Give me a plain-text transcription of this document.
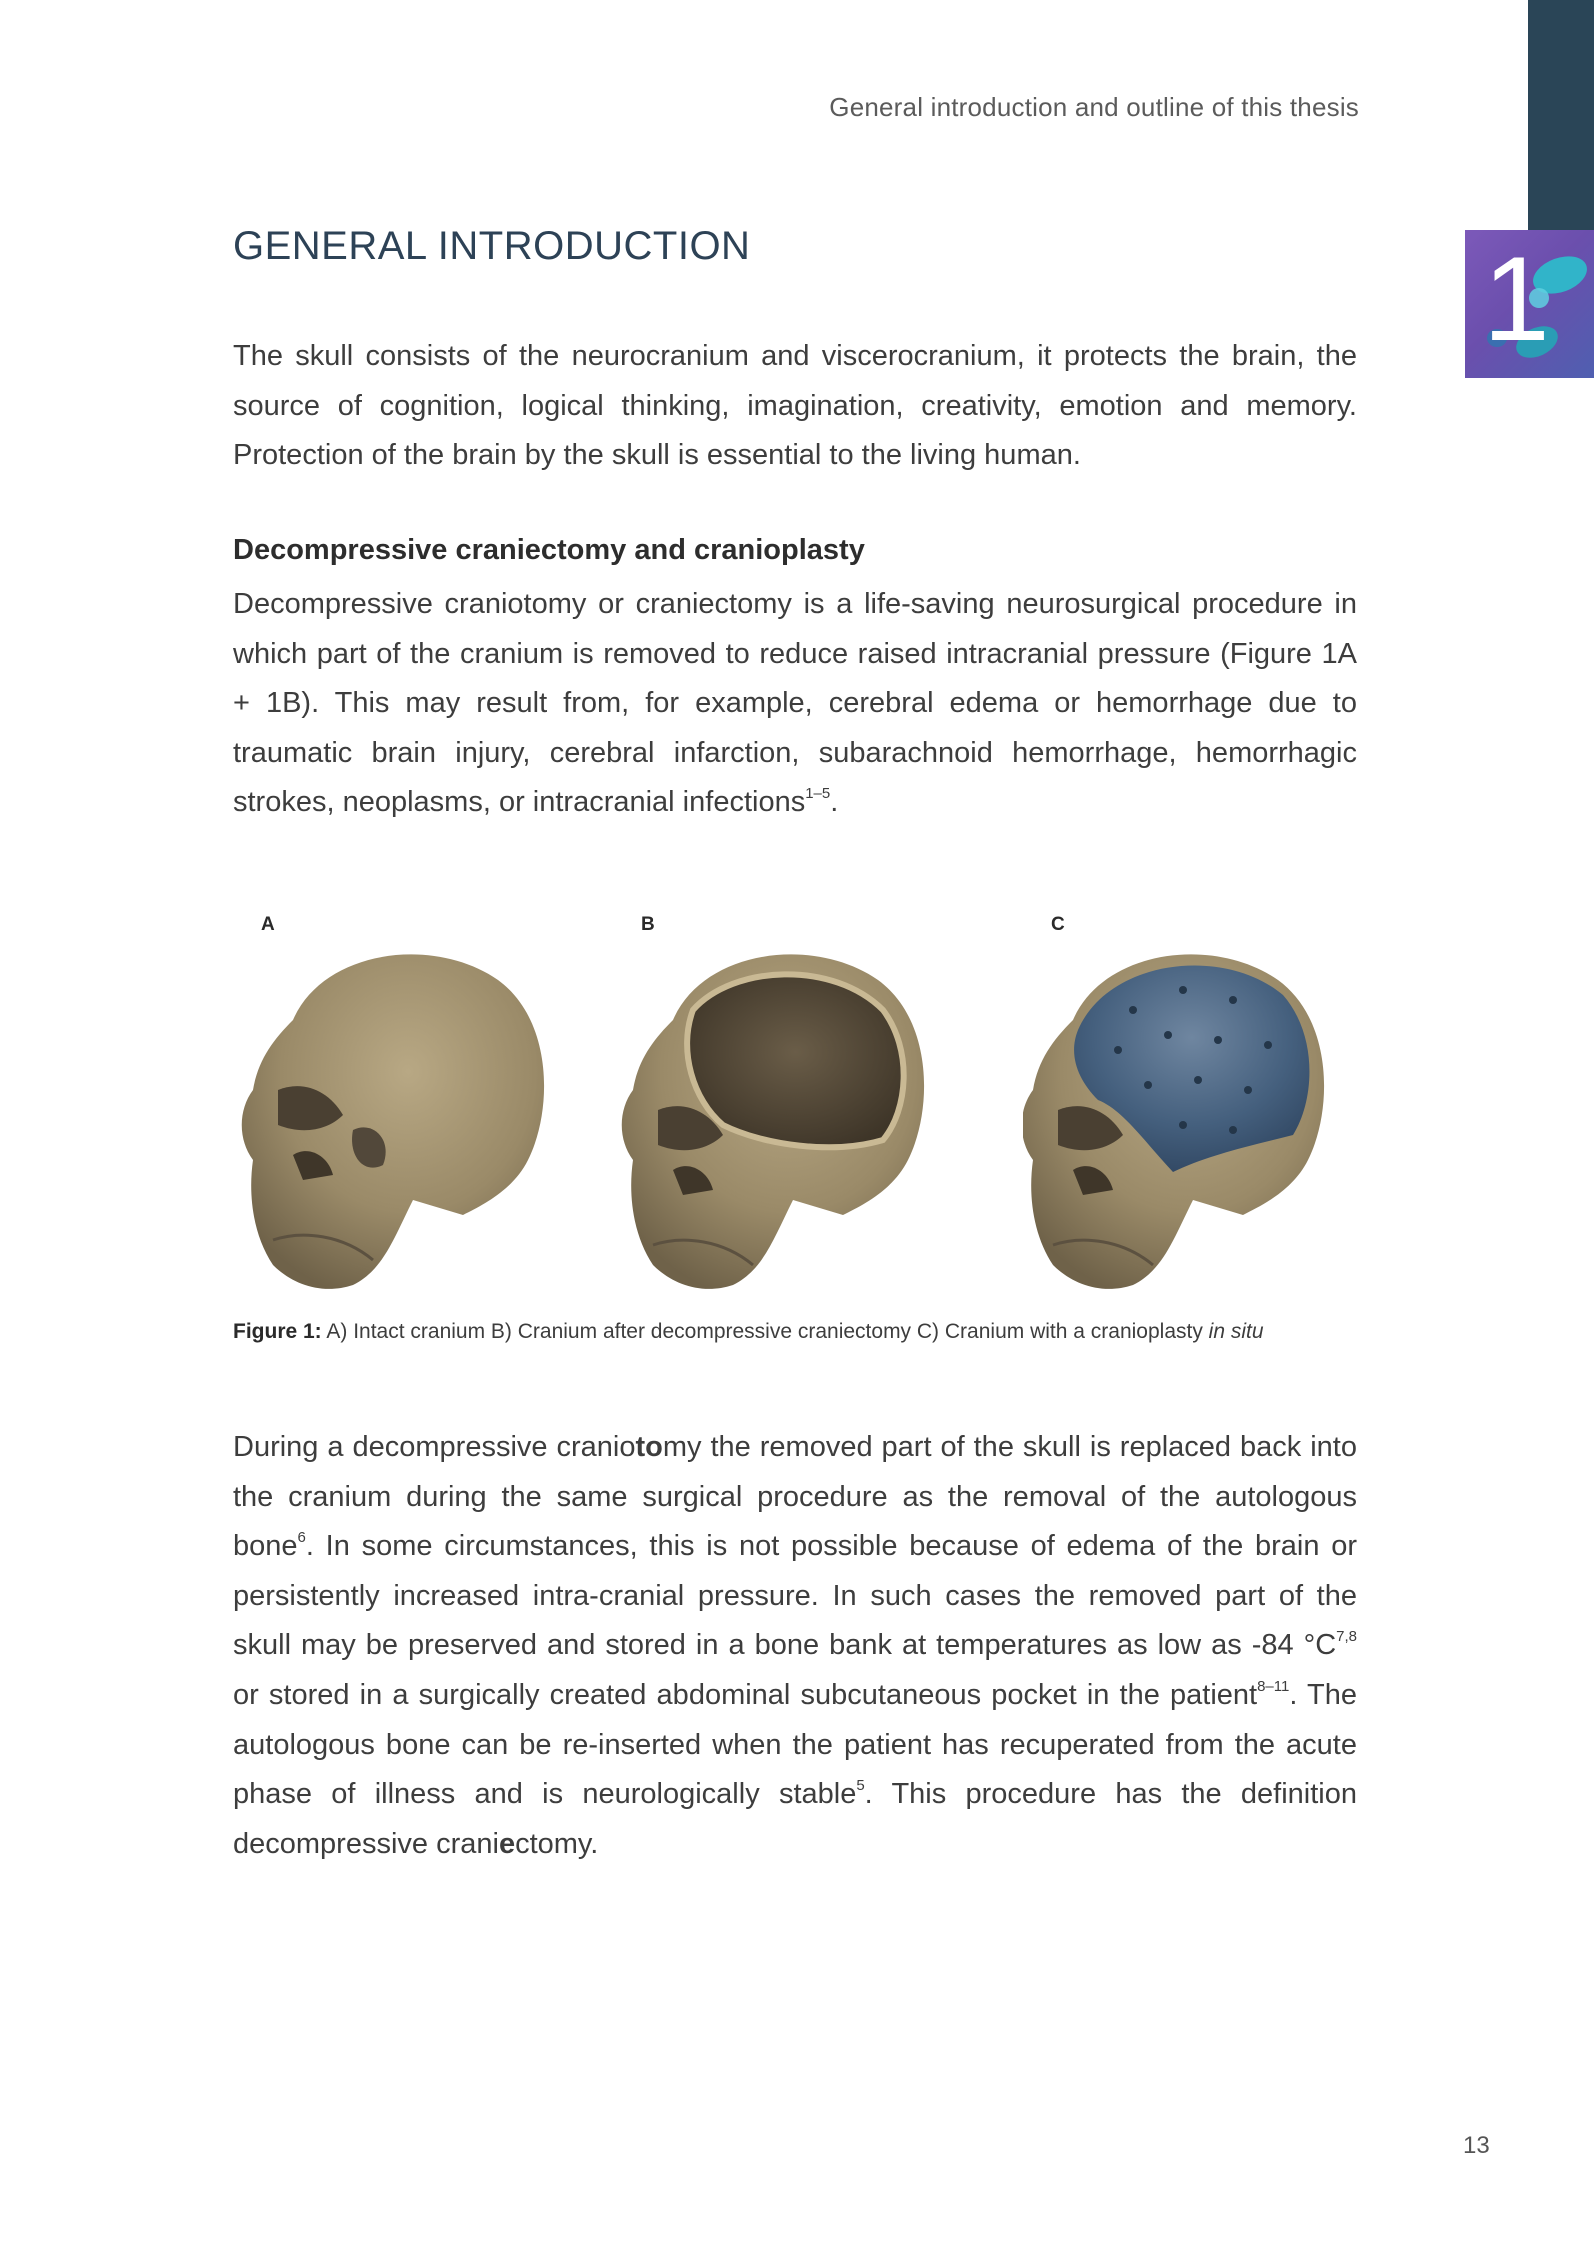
1
General introduction and outline of this thesis
GENERAL INTRODUCTION

The skull consists of the neurocranium and viscerocranium, it protects the brain, the source of cognition, logical thinking, imagination, creativity, emotion and memory. Protection of the brain by the skull is essential to the living human.

Decompressive craniectomy and cranioplasty

Decompressive craniotomy or craniectomy is a life-saving neurosurgical procedure in which part of the cranium is removed to reduce raised intracranial pressure (Figure 1A + 1B). This may result from, for example, cerebral edema or hemorrhage due to traumatic brain injury, cerebral infarction, subarachnoid hemorrhage, hemorrhagic strokes, neoplasms, or intracranial infections$^{1-5}$.

A	B	C

Figure 1: A) Intact cranium B) Cranium after decompressive craniectomy C) Cranium with a cranioplasty in situ

During a decompressive craniotomy the removed part of the skull is replaced back into the cranium during the same surgical procedure as the removal of the autologous bone$^6$. In some circumstances, this is not possible because of edema of the brain or persistently increased intra-cranial pressure. In such cases the removed part of the skull may be preserved and stored in a bone bank at temperatures as low as -84 $^\circ C^{7,8}$ or stored in a surgically created abdominal subcutaneous pocket in the patient$^{8-11}$. The autologous bone can be re-inserted when the patient has recuperated from the acute phase of illness and is neurologically stable$^5$. This procedure has the definition decompressive craniectomy.

13
